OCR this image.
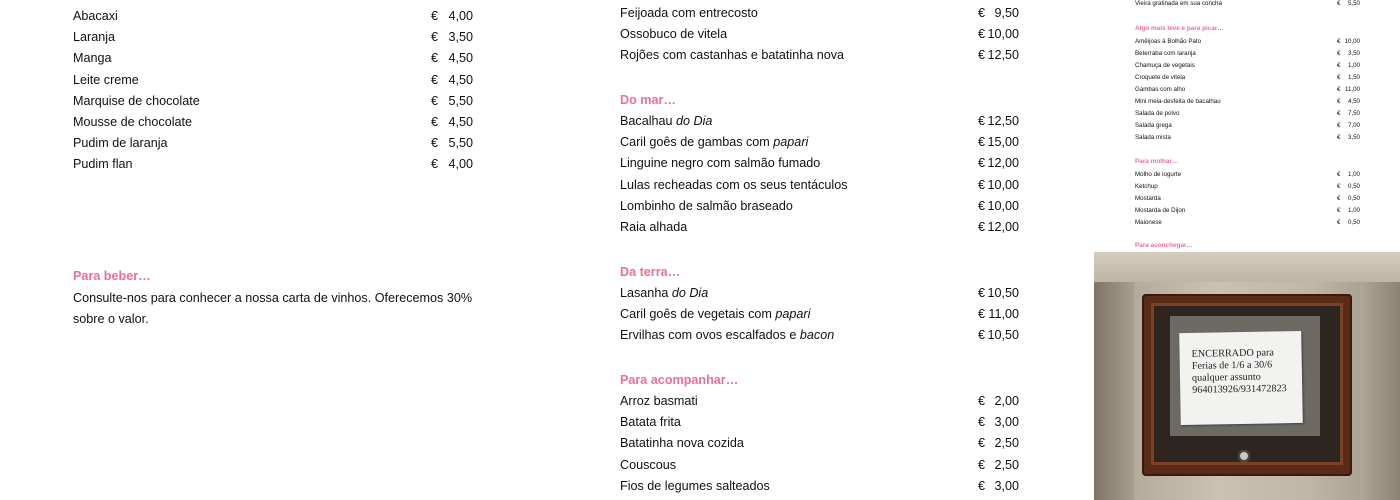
Abacaxi	€ 4,00
Laranja	€ 3,50
Manga	€ 4,50
Leite creme	€ 4,50
Marquise de chocolate	€ 5,50
Mousse de chocolate	€ 4,50
Pudim de laranja	€ 5,50
Pudim flan	€ 4,00
Para beber…
Consulte-nos para conhecer a nossa carta de vinhos. Oferecemos 30% sobre o valor.
Feijoada com entrecosto	€ 9,50
Ossobuco de vitela	€ 10,00
Rojões com castanhas e batatinha nova	€ 12,50
Do mar…
Bacalhau do Dia	€ 12,50
Caril goês de gambas com papari	€ 15,00
Linguine negro com salmão fumado	€ 12,00
Lulas recheadas com os seus tentáculos	€ 10,00
Lombinho de salmão braseado	€ 10,00
Raia alhada	€ 12,00
Da terra…
Lasanha do Dia	€ 10,50
Caril goês de vegetais com papari	€ 11,00
Ervilhas com ovos escalfados e bacon	€ 10,50
Para acompanhar…
Arroz basmati	€ 2,00
Batata frita	€ 3,00
Batatinha nova cozida	€ 2,50
Couscous	€ 2,50
Fios de legumes salteados	€ 3,00
Vieira gratinada em sua concha	€	5,50
Algo mais leve e para picar…
Amêijoas à Bolhão Pato	€ 10,00
Beterraba com laranja	€	3,50
Chamuça de vegetais	€	1,00
Croquete de vitela	€	1,50
Gambas com alho	€ 11,00
Mini meia-desfeita de bacalhau	€	4,50
Salada de polvo	€	7,50
Salada grega	€	7,00
Salada mista	€	3,50
Para molhar…
Molho de iogurte	€	1,00
Ketchup	€	0,50
Mostarda	€	0,50
Mostarda de Dijon	€	1,00
Maionese	€	0,50
Para aconchegar…
ENCERRADO para
Ferias de 1/6 a 30/6
qualquer assunto
964013926/931472823
